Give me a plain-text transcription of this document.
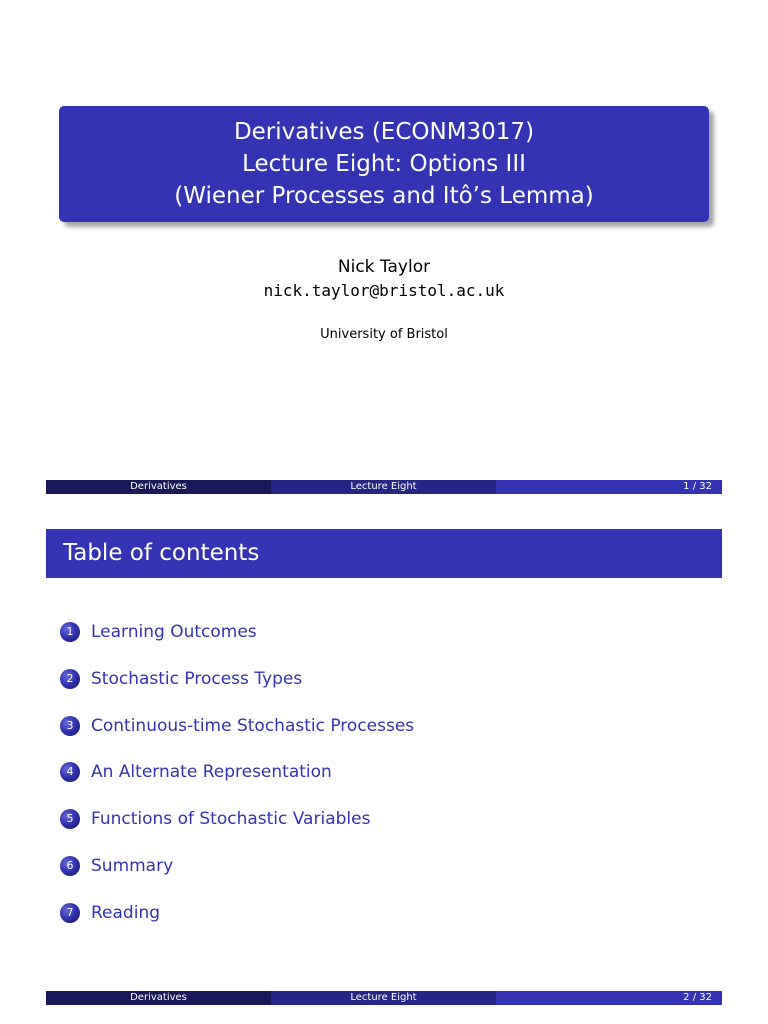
Derivatives (ECONM3017)
Lecture Eight: Options III
(Wiener Processes and Itô’s Lemma)
Nick Taylor
nick.taylor@bristol.ac.uk
University of Bristol
Derivatives	Lecture Eight	1 / 32
Table of contents
1	Learning Outcomes
2	Stochastic Process Types
3	Continuous-time Stochastic Processes
4	An Alternate Representation
5	Functions of Stochastic Variables
6	Summary
7	Reading
Derivatives	Lecture Eight	2 / 32
